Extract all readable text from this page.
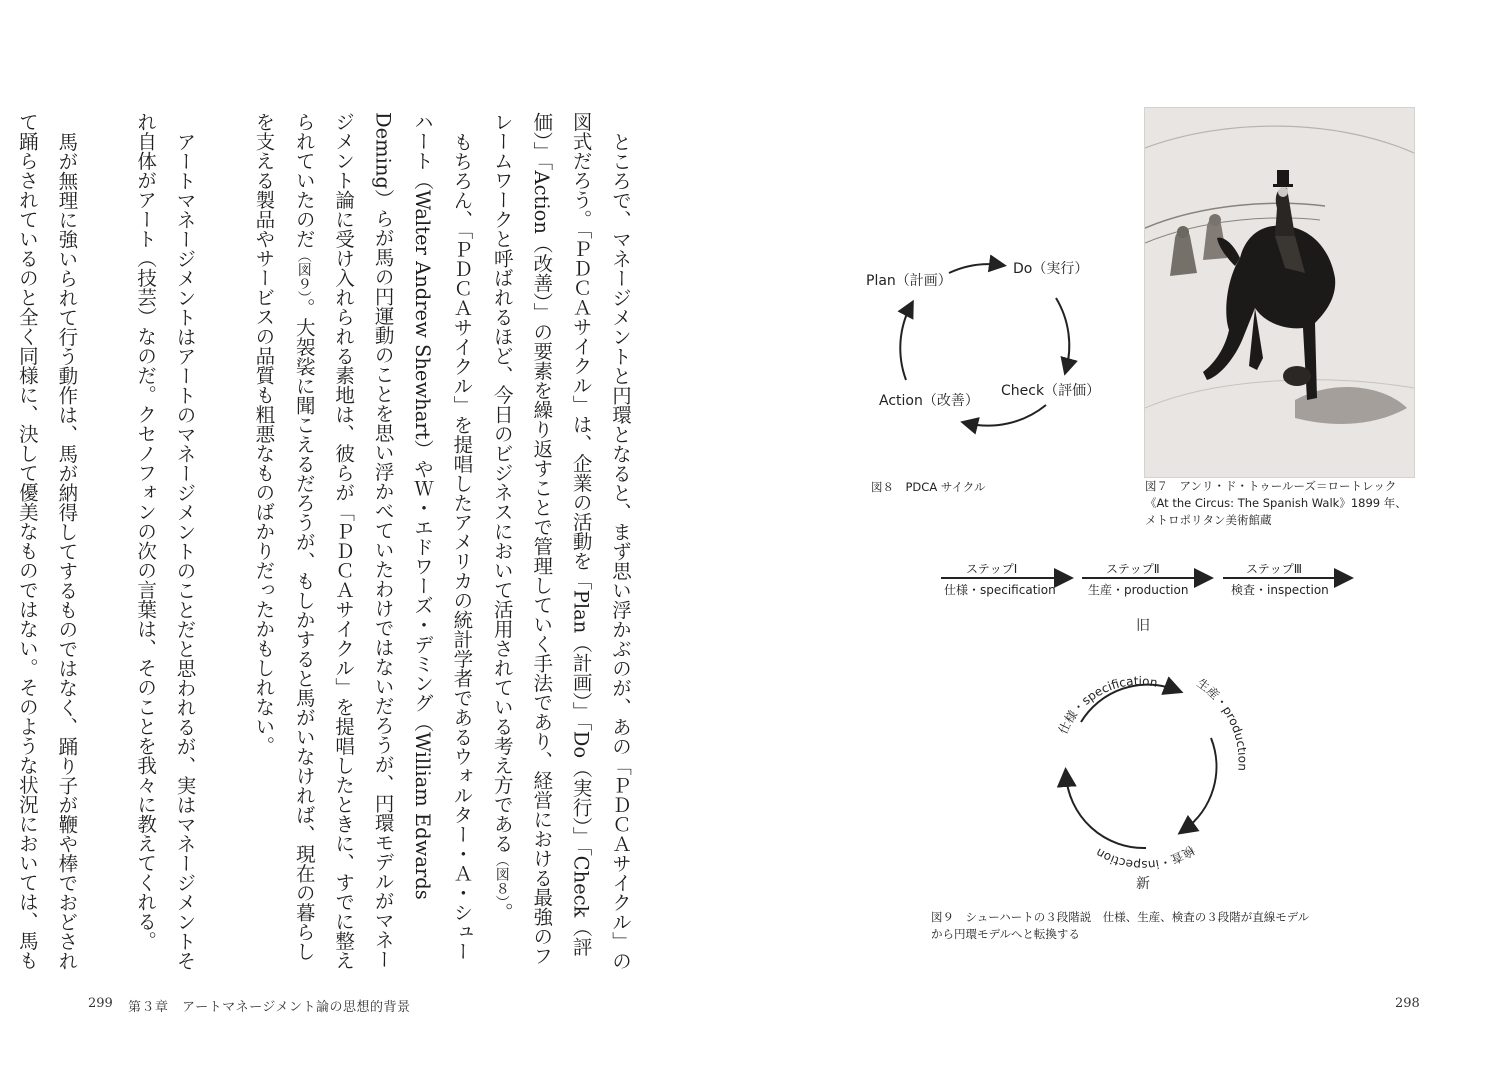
ところで、マネージメントと円環となると、まず思い浮かぶのが、あの「ＰＤＣＡサイクル」の図式だろう。「ＰＤＣＡサイクル」は、企業の活動を「Plan（計画）」「Do（実行）」「Check（評価）」「Action（改善）」の要素を繰り返すことで管理していく手法であり、経営における最強のフレームワークと呼ばれるほど、今日のビジネスにおいて活用されている考え方である（図８）。

もちろん、「ＰＤＣＡサイクル」を提唱したアメリカの統計学者であるウォルター・Ａ・シューハート（Walter Andrew Shewhart）やＷ・エドワーズ・デミング（William Edwards Deming）らが馬の円運動のことを思い浮かべていたわけではないだろうが、円環モデルがマネージメント論に受け入れられる素地は、彼らが「ＰＤＣＡサイクル」を提唱したときに、すでに整えられていたのだ（図９）。大袈裟に聞こえるだろうが、もしかすると馬がいなければ、現在の暮らしを支える製品やサービスの品質も粗悪なものばかりだったかもしれない。

アートマネージメントはアートのマネージメントのことだと思われるが、実はマネージメントそれ自体がアート（技芸）なのだ。クセノフォンの次の言葉は、そのことを我々に教えてくれる。

馬が無理に強いられて行う動作は、馬が納得してするものではなく、踊り子が鞭や棒でおどされて踊らされているのと全く同様に、決して優美なものではない。そのような状況においては、馬も

299 第３章　アートマネージメント論の思想的背景
Plan（計画）
Do（実行）
Check（評価）
Action（改善）
図８　PDCA サイクル	図７　アンリ・ド・トゥールーズ＝ロートレック
《At the Circus: The Spanish Walk》1899 年、
メトロポリタン美術館蔵
ステップⅠ	ステップⅡ	ステップⅢ
仕様・specification	生産・production	検査・inspection
旧
仕様・specification	生産・produ
検査・inspection
新
図９　シューハートの３段階説　仕様、生産、検査の３段階が直線モデル
から円環モデルへと転換する
298
